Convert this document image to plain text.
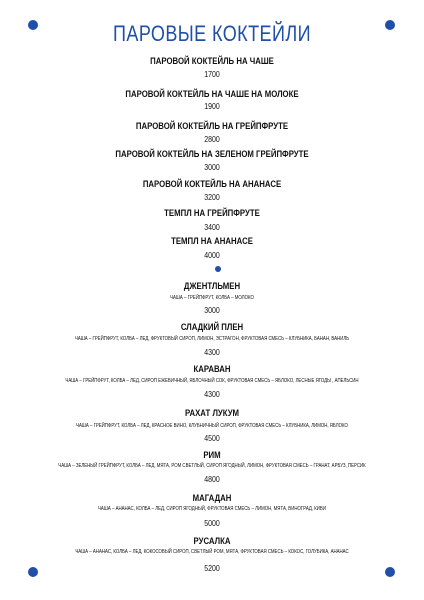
ПАРОВЫЕ КОКТЕЙЛИ
ПАРОВОЙ КОКТЕЙЛЬ НА ЧАШЕ
1700
ПАРОВОЙ КОКТЕЙЛЬ НА ЧАШЕ НА МОЛОКЕ
1900
ПАРОВОЙ КОКТЕЙЛЬ НА ГРЕЙПФРУТЕ
2800
ПАРОВОЙ КОКТЕЙЛЬ НА ЗЕЛЕНОМ ГРЕЙПФРУТЕ
3000
ПАРОВОЙ КОКТЕЙЛЬ НА АНАНАСЕ
3200
ТЕМПЛ НА ГРЕЙПФРУТЕ
3400
ТЕМПЛ НА АНАНАСЕ
4000
ДЖЕНТЛЬМЕН
ЧАША – ГРЕЙПФРУТ, КОЛБА – МОЛОКО
3000
СЛАДКИЙ ПЛЕН
ЧАША – ГРЕЙПФРУТ, КОЛБА – ЛЕД, ФРУКТОВЫЙ СИРОП, ЛИМОН, ЭСТРАГОН, ФРУКТОВАЯ СМЕСЬ – КЛУБНИКА, БАНАН, ВАНИЛЬ
4300
КАРАВАН
ЧАША – ГРЕЙПФРУТ, КОЛБА – ЛЕД, СИРОП ЕЖЕВИЧНЫЙ, ЯБЛОЧНЫЙ СОК, ФРУКТОВАЯ СМЕСЬ – ЯБЛОКО, ЛЕСНЫЕ ЯГОДЫ , АПЕЛЬСИН
4300
РАХАТ ЛУКУМ
ЧАША – ГРЕЙПФРУТ, КОЛБА – ЛЕД, КРАСНОЕ ВИНО, КЛУБНИЧНЫЙ СИРОП, ФРУКТОВАЯ СМЕСЬ – КЛУБНИКА, ЛИМОН, ЯБЛОКО
4500
РИМ
ЧАША – ЗЕЛЕНЫЙ ГРЕЙПФРУТ, КОЛБА – ЛЕД, МЯТА, РОМ СВЕТЛЫЙ, СИРОП ЯГОДНЫЙ, ЛИМОН, ФРУКТОВАЯ СМЕСЬ – ГРАНАТ, АРБУЗ, ПЕРСИК
4800
МАГАДАН
ЧАША – АНАНАС, КОЛБА – ЛЕД, СИРОП ЯГОДНЫЙ, ФРУКТОВАЯ СМЕСЬ – ЛИМОН, МЯТА, ВИНОГРАД, КИВИ
5000
РУСАЛКА
ЧАША – АНАНАС, КОЛБА – ЛЕД, КОКОСОВЫЙ СИРОП, СВЕТЛЫЙ РОМ, МЯТА, ФРУКТОВАЯ СМЕСЬ – КОКОС, ГОЛУБИКА, АНАНАС
5200
